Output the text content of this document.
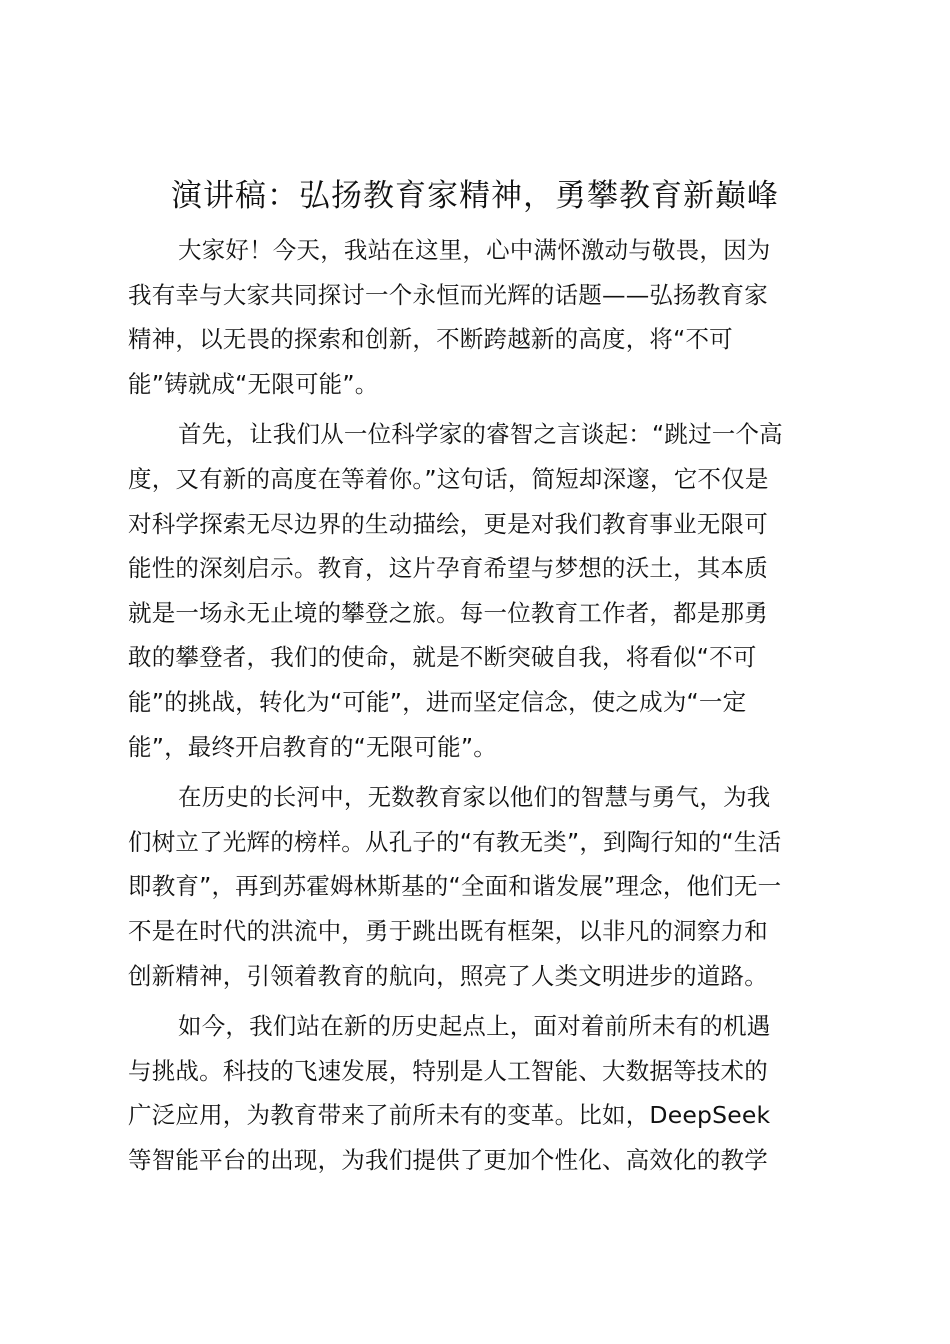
演讲稿：弘扬教育家精神，勇攀教育新巅峰
大家好！今天，我站在这里，心中满怀激动与敬畏，因为
我有幸与大家共同探讨一个永恒而光辉的话题——弘扬教育家
精神，以无畏的探索和创新，不断跨越新的高度，将“不可
能”铸就成“无限可能”。
首先，让我们从一位科学家的睿智之言谈起：“跳过一个高
度，又有新的高度在等着你。”这句话，简短却深邃，它不仅是
对科学探索无尽边界的生动描绘，更是对我们教育事业无限可
能性的深刻启示。教育，这片孕育希望与梦想的沃土，其本质
就是一场永无止境的攀登之旅。每一位教育工作者，都是那勇
敢的攀登者，我们的使命，就是不断突破自我，将看似“不可
能”的挑战，转化为“可能”，进而坚定信念，使之成为“一定
能”，最终开启教育的“无限可能”。
在历史的长河中，无数教育家以他们的智慧与勇气，为我
们树立了光辉的榜样。从孔子的“有教无类”，到陶行知的“生活
即教育”，再到苏霍姆林斯基的“全面和谐发展”理念，他们无一
不是在时代的洪流中，勇于跳出既有框架，以非凡的洞察力和
创新精神，引领着教育的航向，照亮了人类文明进步的道路。
如今，我们站在新的历史起点上，面对着前所未有的机遇
与挑战。科技的飞速发展，特别是人工智能、大数据等技术的
广泛应用，为教育带来了前所未有的变革。比如，DeepSeek
等智能平台的出现，为我们提供了更加个性化、高效化的教学
